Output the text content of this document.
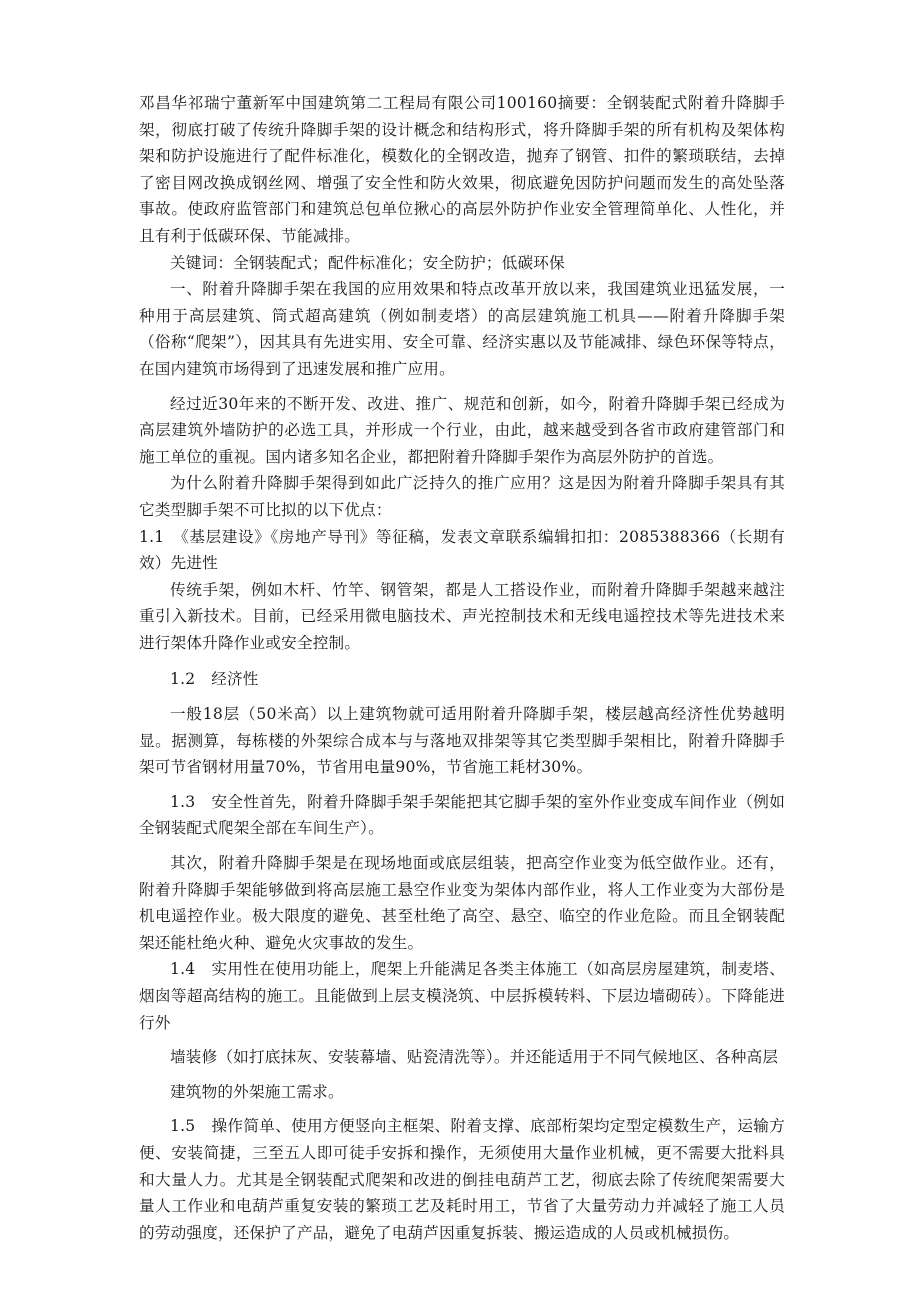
邓昌华祁瑞宁董新军中国建筑第二工程局有限公司100160摘要：全钢装配式附着升降脚手架，彻底打破了传统升降脚手架的设计概念和结构形式，将升降脚手架的所有机构及架体构架和防护设施进行了配件标准化，模数化的全钢改造，抛弃了钢管、扣件的繁琐联结，去掉了密目网改换成钢丝网、增强了安全性和防火效果，彻底避免因防护问题而发生的高处坠落事故。使政府监管部门和建筑总包单位揪心的高层外防护作业安全管理简单化、人性化，并且有利于低碳环保、节能减排。

关键词：全钢装配式；配件标准化；安全防护；低碳环保

一、附着升降脚手架在我国的应用效果和特点改革开放以来，我国建筑业迅猛发展，一种用于高层建筑、筒式超高建筑（例如制麦塔）的高层建筑施工机具——附着升降脚手架（俗称“爬架”），因其具有先进实用、安全可靠、经济实惠以及节能减排、绿色环保等特点，在国内建筑市场得到了迅速发展和推广应用。

经过近30年来的不断开发、改进、推广、规范和创新，如今，附着升降脚手架已经成为高层建筑外墙防护的必选工具，并形成一个行业，由此，越来越受到各省市政府建管部门和施工单位的重视。国内诸多知名企业，都把附着升降脚手架作为高层外防护的首选。

为什么附着升降脚手架得到如此广泛持久的推广应用？这是因为附着升降脚手架具有其它类型脚手架不可比拟的以下优点：

1.1　《基层建设》《房地产导刊》等征稿，发表文章联系编辑扣扣：2085388366（长期有效）先进性

传统手架，例如木杆、竹竿、钢管架，都是人工搭设作业，而附着升降脚手架越来越注重引入新技术。目前，已经采用微电脑技术、声光控制技术和无线电遥控技术等先进技术来进行架体升降作业或安全控制。

1.2　经济性

一般18层（50米高）以上建筑物就可适用附着升降脚手架，楼层越高经济性优势越明显。据测算，每栋楼的外架综合成本与与落地双排架等其它类型脚手架相比，附着升降脚手架可节省钢材用量70%，节省用电量90%，节省施工耗材30%。

1.3　安全性首先，附着升降脚手架手架能把其它脚手架的室外作业变成车间作业（例如全钢装配式爬架全部在车间生产）。

其次，附着升降脚手架是在现场地面或底层组装，把高空作业变为低空做作业。还有，附着升降脚手架能够做到将高层施工悬空作业变为架体内部作业，将人工作业变为大部份是机电遥控作业。极大限度的避免、甚至杜绝了高空、悬空、临空的作业危险。而且全钢装配架还能杜绝火种、避免火灾事故的发生。

1.4　实用性在使用功能上，爬架上升能满足各类主体施工（如高层房屋建筑，制麦塔、烟囱等超高结构的施工。且能做到上层支模浇筑、中层拆模转料、下层边墙砌砖）。下降能进行外

墙装修（如打底抹灰、安装幕墙、贴瓷清洗等）。并还能适用于不同气候地区、各种高层

建筑物的外架施工需求。

1.5　操作简单、使用方便竖向主框架、附着支撑、底部桁架均定型定模数生产，运输方便、安装简捷，三至五人即可徒手安拆和操作，无须使用大量作业机械，更不需要大批料具和大量人力。尤其是全钢装配式爬架和改进的倒挂电葫芦工艺，彻底去除了传统爬架需要大量人工作业和电葫芦重复安装的繁琐工艺及耗时用工，节省了大量劳动力并减轻了施工人员的劳动强度，还保护了产品，避免了电葫芦因重复拆装、搬运造成的人员或机械损伤。
